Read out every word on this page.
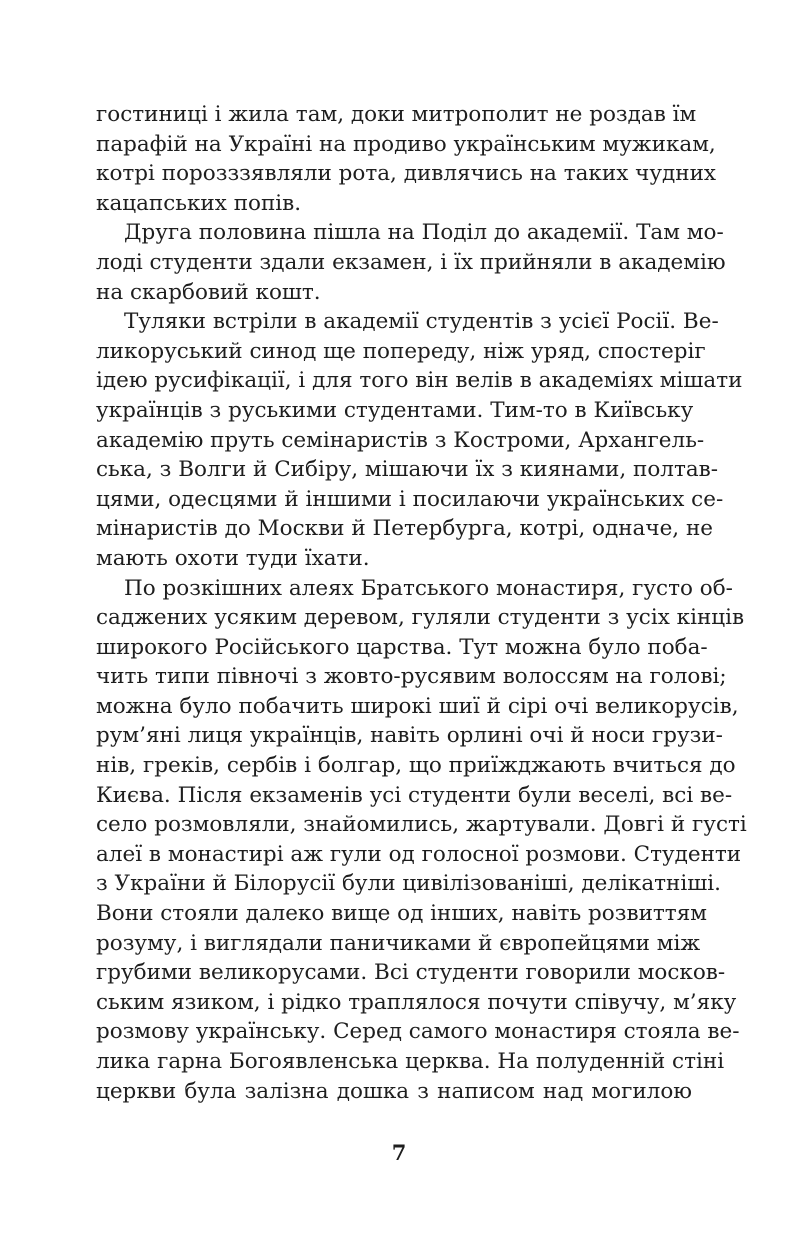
гостиниці і жила там, доки митрополит не роздав їм
парафій на Україні на продиво українським мужикам,
котрі порозззявляли рота, дивлячись на таких чудних
кацапських попів.
Друга половина пішла на Поділ до академії. Там мо-
лоді студенти здали екзамен, і їх прийняли в академію
на скарбовий кошт.
Туляки встріли в академії студентів з усієї Росії. Ве-
ликоруський синод ще попереду, ніж уряд, спостеріг
ідею русифікації, і для того він велів в академіях мішати
українців з руськими студентами. Тим-то в Київську
академію пруть семінаристів з Костроми, Архангель-
ська, з Волги й Сибіру, мішаючи їх з киянами, полтав-
цями, одесцями й іншими і посилаючи українських се-
мінаристів до Москви й Петербурга, котрі, одначе, не
мають охоти туди їхати.
По розкішних алеях Братського монастиря, густо об-
саджених усяким деревом, гуляли студенти з усіх кінців
широкого Російського царства. Тут можна було поба-
чить типи півночі з жовто-русявим волоссям на голові;
можна було побачить широкі шиї й сірі очі великорусів,
рум’яні лиця українців, навіть орлині очі й носи грузи-
нів, греків, сербів і болгар, що приїжджають вчиться до
Києва. Після екзаменів усі студенти були веселі, всі ве-
село розмовляли, знайомились, жартували. Довгі й густі
алеї в монастирі аж гули од голосної розмови. Студенти
з України й Білорусії були цивілізованіші, делікатніші.
Вони стояли далеко вище од інших, навіть розвиттям
розуму, і виглядали паничиками й європейцями між
грубими великорусами. Всі студенти говорили москов-
ським язиком, і рідко траплялося почути співучу, м’яку
розмову українську. Серед самого монастиря стояла ве-
лика гарна Богоявленська церква. На полуденній стіні
церкви була залізна дошка з написом над могилою
7
